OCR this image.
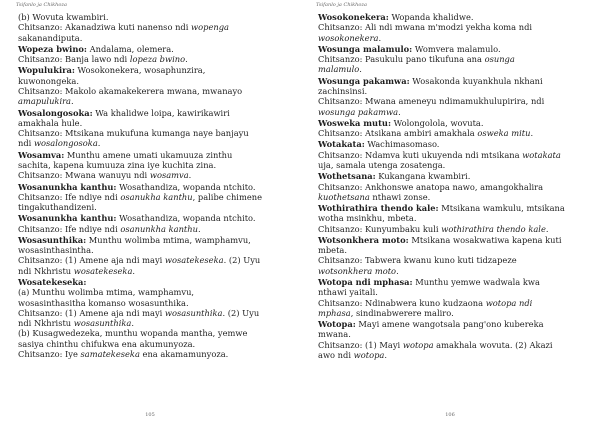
Tsifanlo ja Chikhoza

(b) Wovuta kwambiri.

Chitsanzo: Akanadziwa kuti nanenso ndi wopenga

sakanandiputa.

Wopeza bwino: Andalama, olemera.

Chitsanzo: Banja lawo ndi lopeza bwino.

Wopulukira: Wosokonekera, wosaphunzira,

kuwonongeka.

Chitsanzo: Makolo akamakekerera mwana, mwanayo

amapulukira.

Wosalongosoka: Wa khalidwe loipa, kawirikawiri

amakhala hule.

Chitsanzo: Mtsikana mukufuna kumanga naye banjayu

ndi wosalongosoka.

Wosamva: Munthu amene umati ukamuuza zinthu

sachita, kapena kumuuza zina iye kuchita zina.

Chitsanzo: Mwana wanuyu ndi wosamva.

Wosanunkha kanthu: Wosathandiza, wopanda ntchito.

Chitsanzo: Ife ndiye ndi osanukha kanthu, palibe chimene

tingakuthandizeni.

Wosanunkha kanthu: Wosathandiza, wopanda ntchito.

Chitsanzo: Ife ndiye ndi osanunkha kanthu.

Wosasunthika: Munthu wolimba mtima, wamphamvu,

wosasinthasintha.

Chitsanzo: (1) Amene aja ndi mayi wosatekeseka. (2) Uyu

ndi Nkhristu wosatekeseka.

Wosatekeseka:

(a) Munthu wolimba mtima, wamphamvu,

wosasinthasitha komanso wosasunthika.

Chitsanzo: (1) Amene aja ndi mayi wosasunthika. (2) Uyu

ndi Nkhristu wosasunthika.

(b) Kusagwedezeka, munthu wopanda mantha, yemwe

sasiya chinthu chifukwa ena akumunyoza.

Chitsanzo: Iye samatekeseka ena akamamunyoza.

105
Tsifanlo ja Chikhoza

Wosokonekera: Wopanda khalidwe.

Chitsanzo: Ali ndi mwana m'modzi yekha koma ndi

wosokonekera.

Wosunga malamulo: Womvera malamulo.

Chitsanzo: Pasukulu pano tikufuna ana osunga

malamulo.

Wosunga pakamwa: Wosakonda kuyankhula nkhani

zachinsinsi.

Chitsanzo: Mwana ameneyu ndimamukhulupirira, ndi

wosunga pakamwa.

Wosweka mutu: Wolongolola, wovuta.

Chitsanzo: Atsikana ambiri amakhala osweka mitu.

Wotakata: Wachimasomaso.

Chitsanzo: Ndamva kuti ukuyenda ndi mtsikana wotakata

uja, samala utenga zosatenga.

Wothetsana: Kukangana kwambiri.

Chitsanzo: Ankhonswe anatopa nawo, amangokhalira

kuothetsana nthawi zonse.

Wothirathira thendo kale: Mtsikana wamkulu, mtsikana

wotha msinkhu, mbeta.

Chitsanzo: Kunyumbaku kuli wothirathira thendo kale.

Wotsonkhera moto: Mtsikana wosakwatiwa kapena kuti

mbeta.

Chitsanzo: Tabwera kwanu kuno kuti tidzapeze

wotsonkhera moto.

Wotopa ndi mphasa: Munthu yemwe wadwala kwa

nthawi yaitali.

Chitsanzo: Ndinabwera kuno kudzaona wotopa ndi

mphasa, sindinabwerere maliro.

Wotopa: Mayi amene wangotsala pang'ono kubereka

mwana.

Chitsanzo: (1) Mayi wotopa amakhala wovuta. (2) Akazi

awo ndi wotopa.

106
